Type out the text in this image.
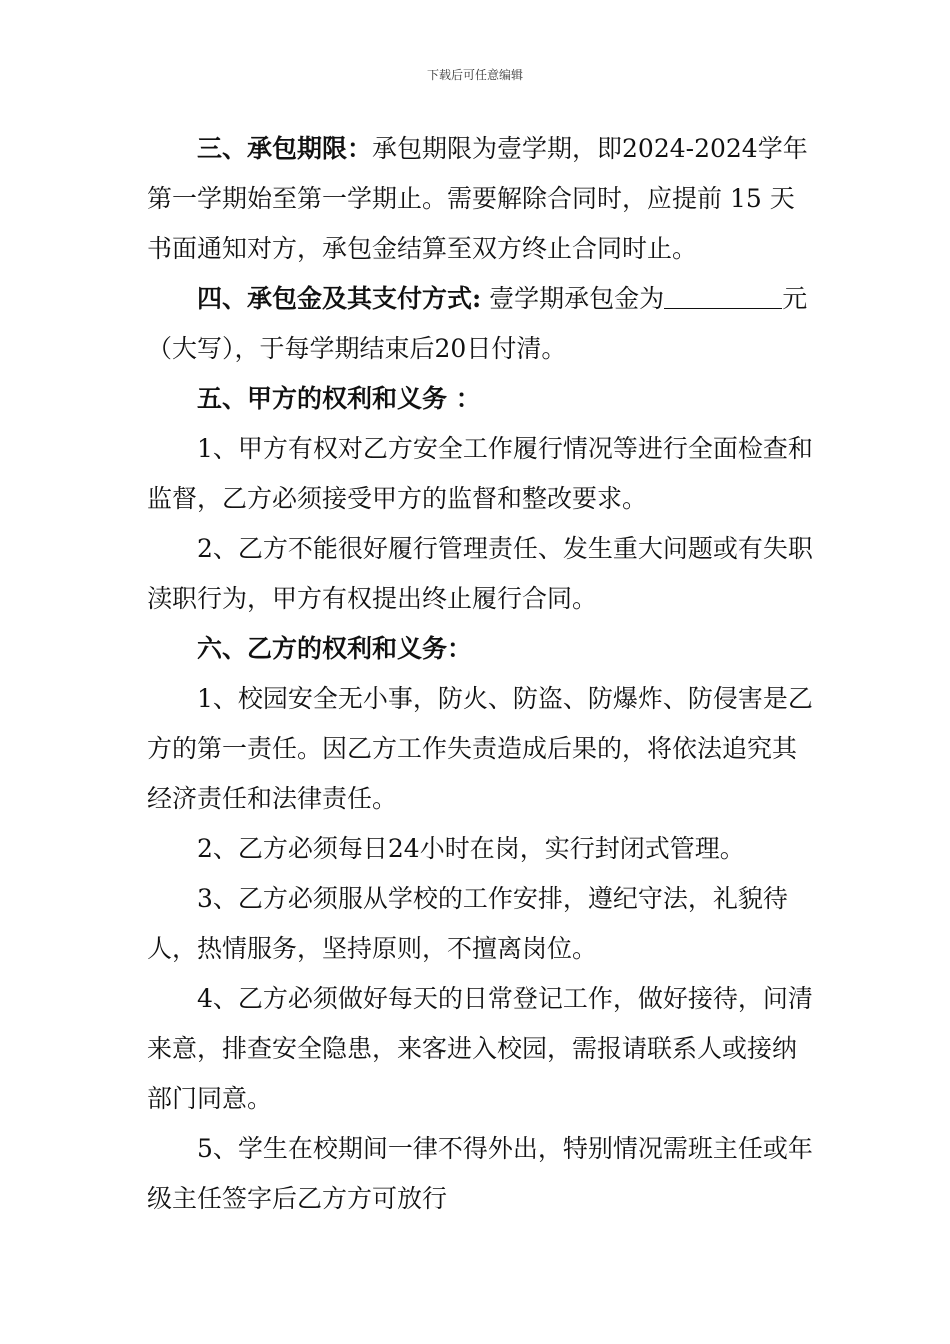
下载后可任意编辑

三、承包期限：承包期限为壹学期，即2024-2024学年第一学期始至第一学期止。需要解除合同时，应提前 15 天书面通知对方，承包金结算至双方终止合同时止。

四、承包金及其支付方式: 壹学期承包金为	元（大写），于每学期结束后20日付清。

五、甲方的权利和义务 ：

1、甲方有权对乙方安全工作履行情况等进行全面检查和监督，乙方必须接受甲方的监督和整改要求。

2、乙方不能很好履行管理责任、发生重大问题或有失职渎职行为，甲方有权提出终止履行合同。

六、乙方的权利和义务：

1、校园安全无小事，防火、防盗、防爆炸、防侵害是乙方的第一责任。因乙方工作失责造成后果的，将依法追究其经济责任和法律责任。

2、乙方必须每日24小时在岗，实行封闭式管理。

3、乙方必须服从学校的工作安排，遵纪守法，礼貌待人，热情服务，坚持原则，不擅离岗位。

4、乙方必须做好每天的日常登记工作，做好接待，问清来意，排查安全隐患，来客进入校园，需报请联系人或接纳部门同意。

5、学生在校期间一律不得外出，特别情况需班主任或年级主任签字后乙方方可放行
